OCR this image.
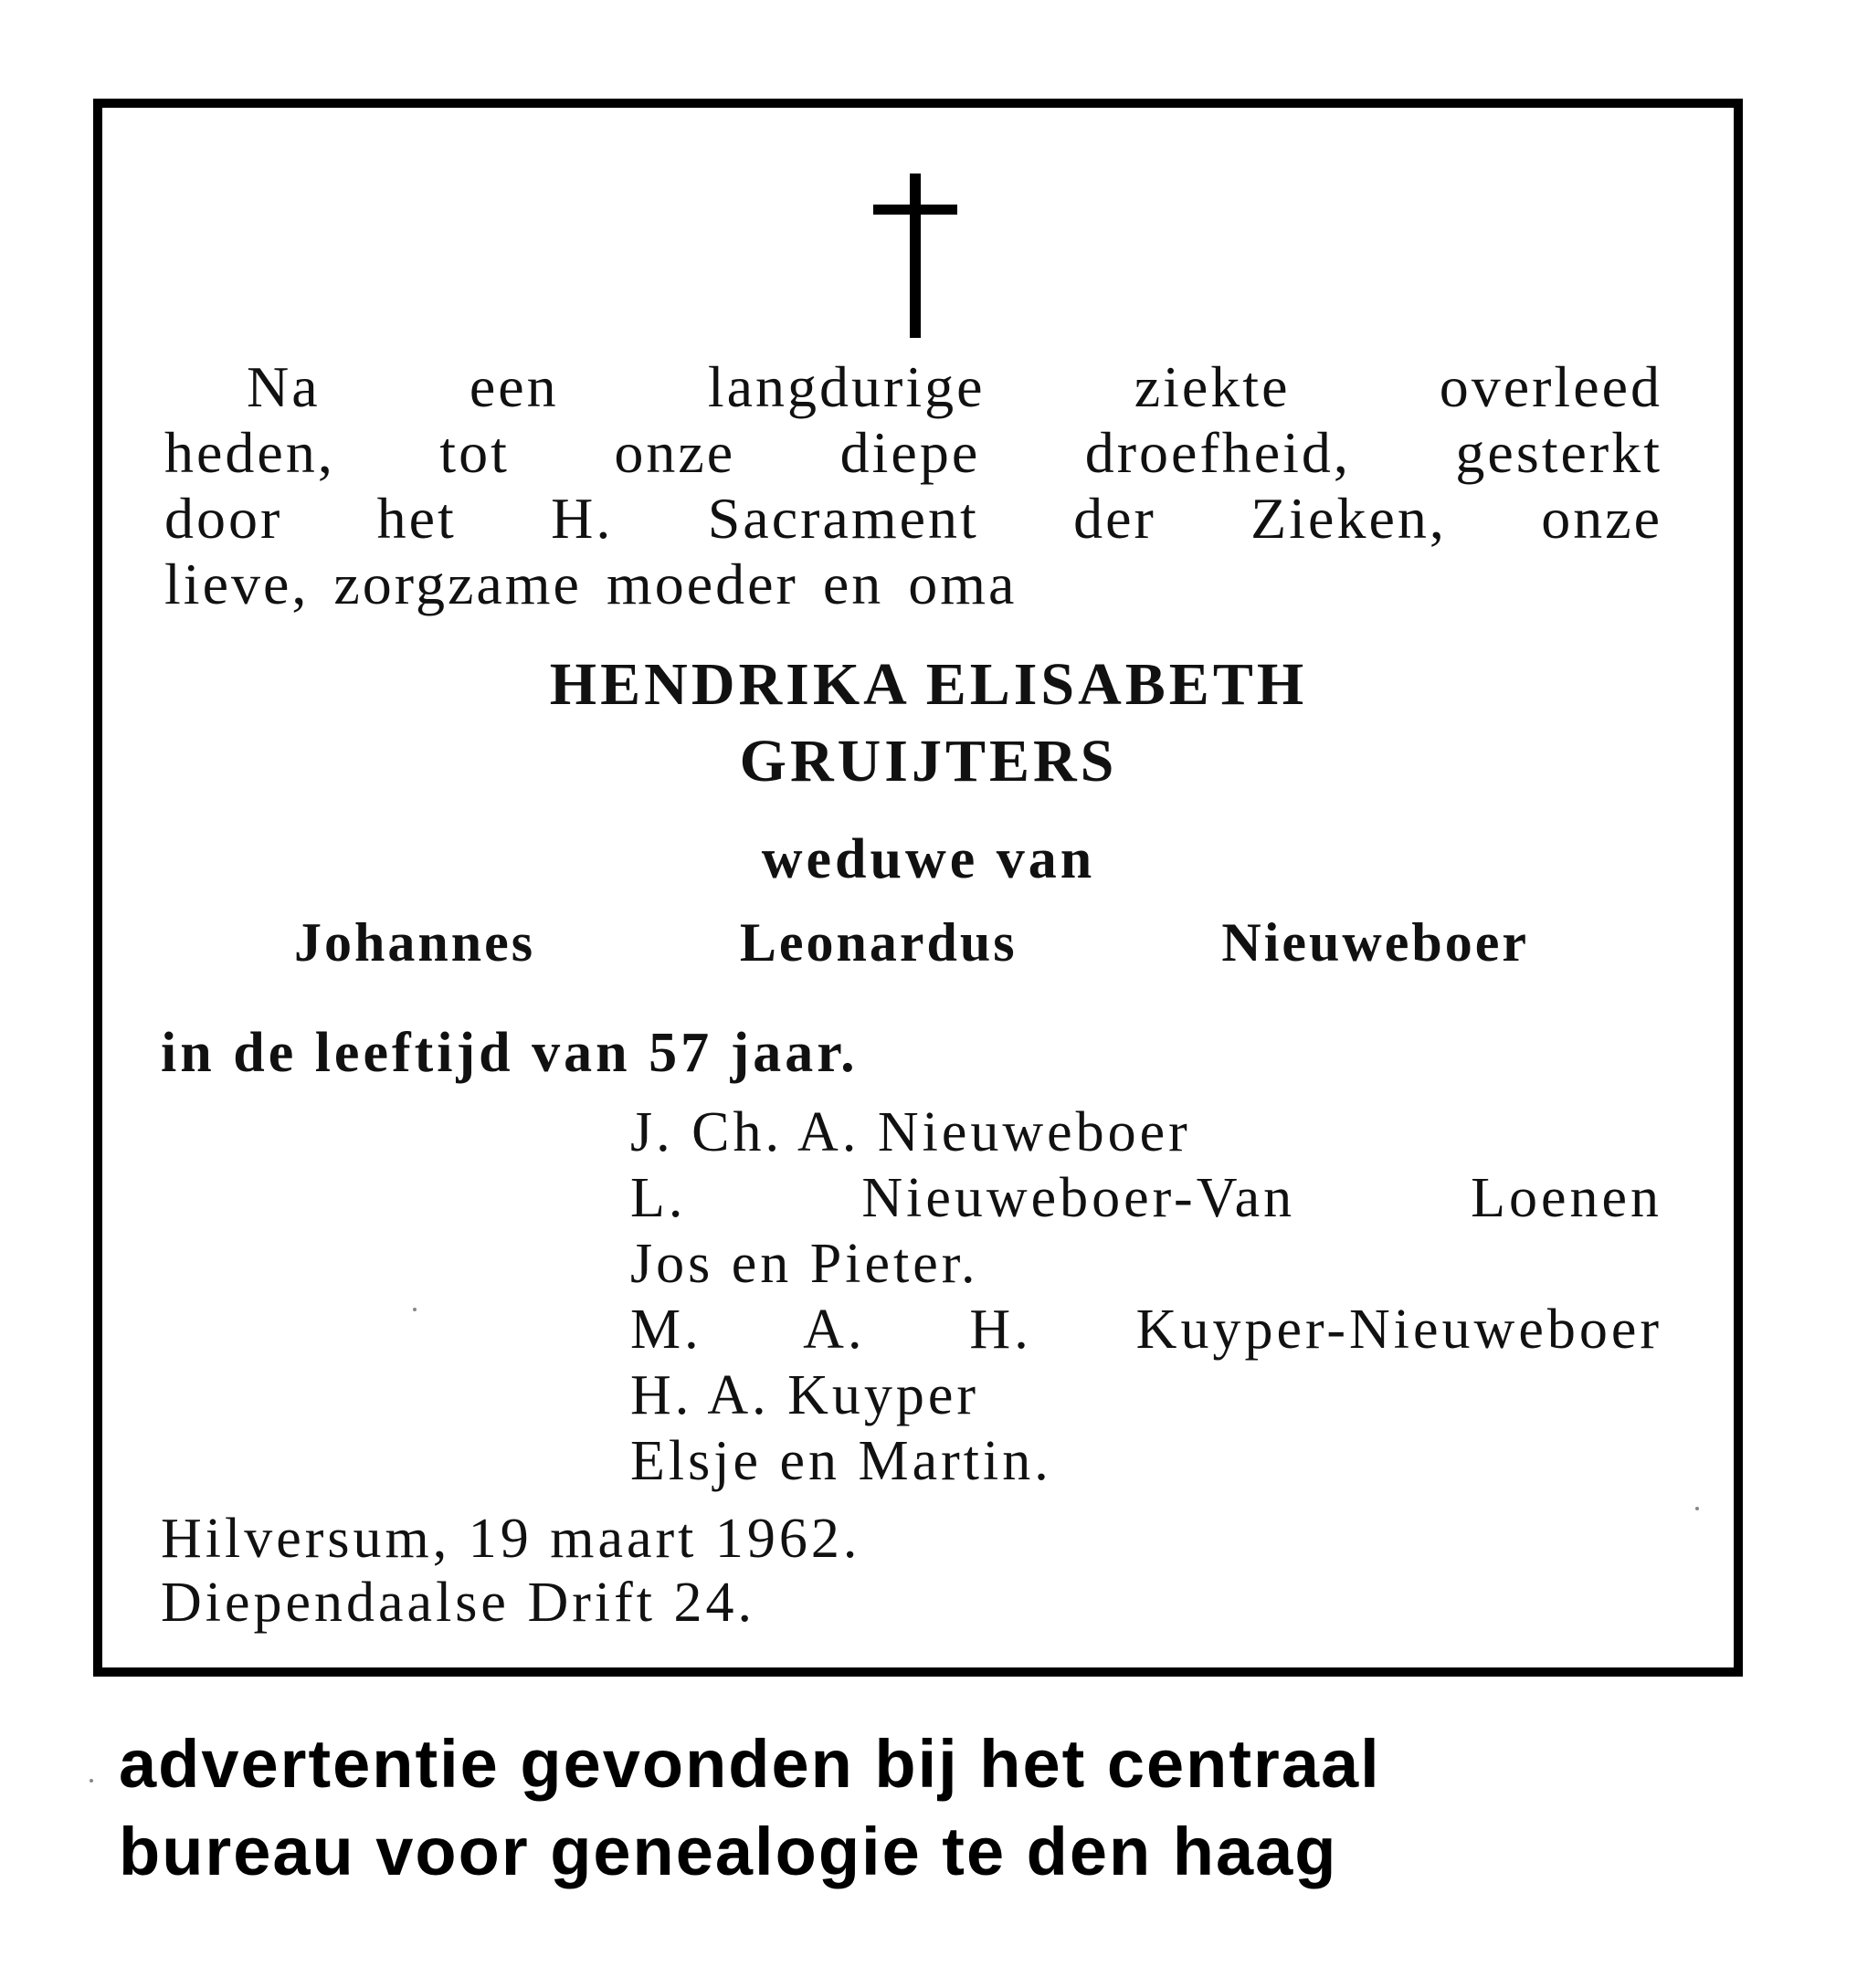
Na een langdurige ziekte overleed
heden, tot onze diepe droefheid, gesterkt
door het H. Sacrament der Zieken, onze
lieve, zorgzame moeder en oma
HENDRIKA ELISABETH
GRUIJTERS
weduwe van
Johannes Leonardus Nieuweboer
in de leeftijd van 57 jaar.
J. Ch. A. Nieuweboer
L. Nieuweboer-Van Loenen
Jos en Pieter.
M. A. H. Kuyper-Nieuweboer
H. A. Kuyper
Elsje en Martin.
Hilversum, 19 maart 1962.
Diependaalse Drift 24.
advertentie gevonden bij het centraal
bureau voor genealogie te den haag
